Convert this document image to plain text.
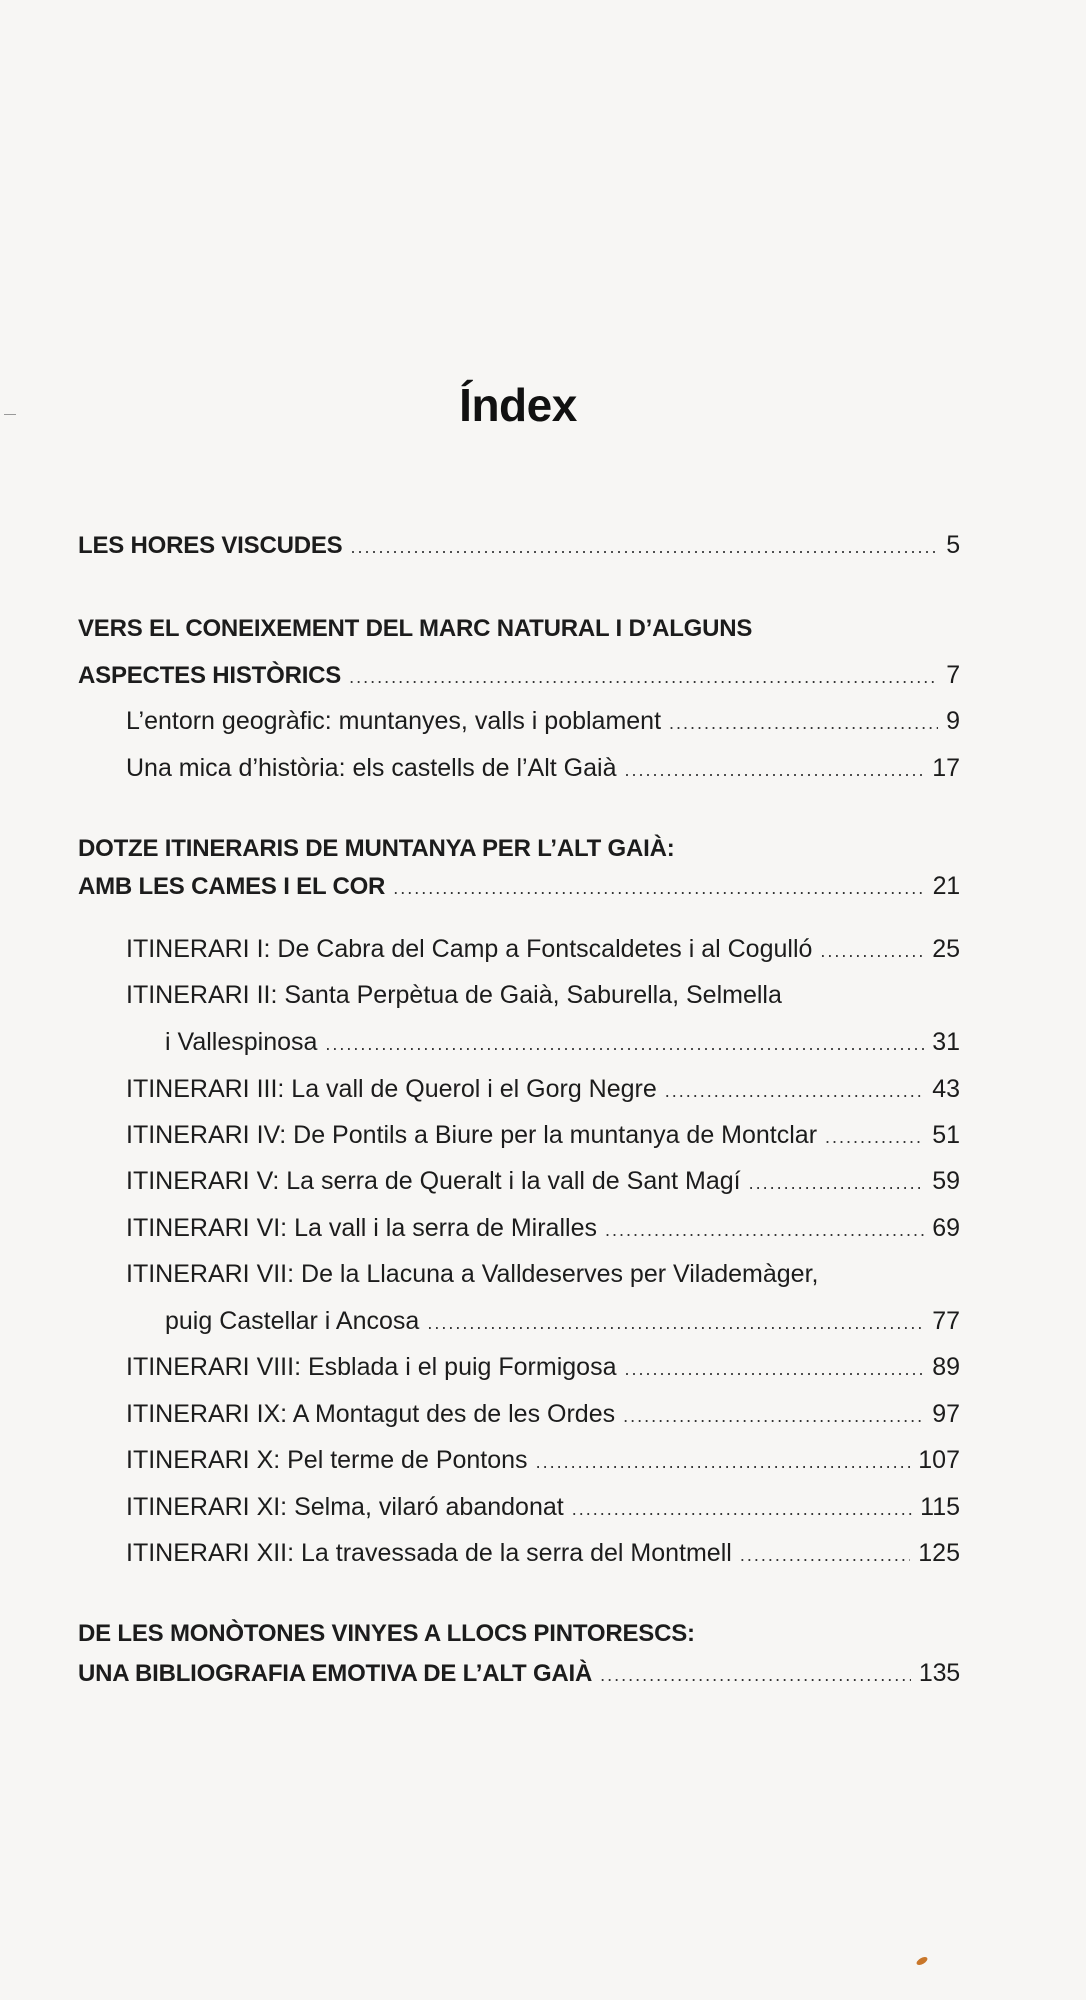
Índex
LES HORES VISCUDES .....	5
VERS EL CONEIXEMENT DEL MARC NATURAL I D’ALGUNS
ASPECTES HISTÒRICS .....	7
L’entorn geogràfic: muntanyes, valls i poblament .....	9
Una mica d’història: els castells de l’Alt Gaià .....	17
DOTZE ITINERARIS DE MUNTANYA PER L’ALT GAIÀ:
AMB LES CAMES I EL COR .....	21
ITINERARI I: De Cabra del Camp a Fontscaldetes i al Cogulló .....	25
ITINERARI II: Santa Perpètua de Gaià, Saburella, Selmella
i Vallespinosa .....	31
ITINERARI III: La vall de Querol i el Gorg Negre .....	43
ITINERARI IV: De Pontils a Biure per la muntanya de Montclar .....	51
ITINERARI V: La serra de Queralt i la vall de Sant Magí .....	59
ITINERARI VI: La vall i la serra de Miralles .....	69
ITINERARI VII: De la Llacuna a Valldeserves per Vilademàger,
puig Castellar i Ancosa .....	77
ITINERARI VIII: Esblada i el puig Formigosa .....	89
ITINERARI IX: A Montagut des de les Ordes .....	97
ITINERARI X: Pel terme de Pontons .....	107
ITINERARI XI: Selma, vilaró abandonat .....	115
ITINERARI XII: La travessada de la serra del Montmell .....	125
DE LES MONÒTONES VINYES A LLOCS PINTORESCS:
UNA BIBLIOGRAFIA EMOTIVA DE L’ALT GAIÀ .....	135
